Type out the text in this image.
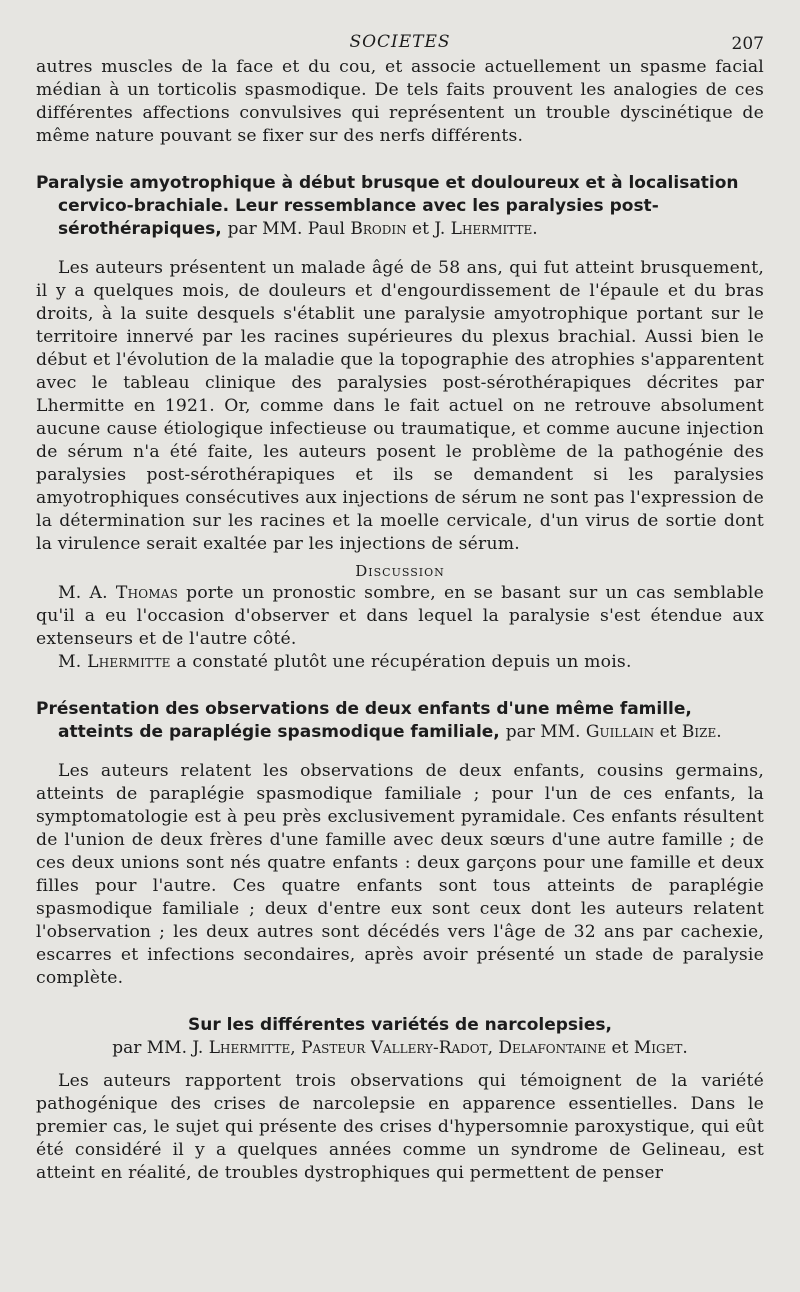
SOCIETES	207

autres muscles de la face et du cou, et associe actuellement un spasme facial médian à un torticolis spasmodique. De tels faits prouvent les analogies de ces différentes affections convulsives qui représentent un trouble dyscinétique de même nature pouvant se fixer sur des nerfs différents.

Paralysie amyotrophique à début brusque et douloureux et à localisation cervico-brachiale. Leur ressemblance avec les paralysies post-sérothérapiques, par MM. Paul Brodin et J. Lhermitte.

Les auteurs présentent un malade âgé de 58 ans, qui fut atteint brusquement, il y a quelques mois, de douleurs et d'engourdissement de l'épaule et du bras droits, à la suite desquels s'établit une paralysie amyotrophique portant sur le territoire innervé par les racines supérieures du plexus brachial. Aussi bien le début et l'évolution de la maladie que la topographie des atrophies s'apparentent avec le tableau clinique des paralysies post-sérothérapiques décrites par Lhermitte en 1921. Or, comme dans le fait actuel on ne retrouve absolument aucune cause étiologique infectieuse ou traumatique, et comme aucune injection de sérum n'a été faite, les auteurs posent le problème de la pathogénie des paralysies post-sérothérapiques et ils se demandent si les paralysies amyotrophiques consécutives aux injections de sérum ne sont pas l'expression de la détermination sur les racines et la moelle cervicale, d'un virus de sortie dont la virulence serait exaltée par les injections de sérum.

Discussion

M. A. Thomas porte un pronostic sombre, en se basant sur un cas semblable qu'il a eu l'occasion d'observer et dans lequel la paralysie s'est étendue aux extenseurs et de l'autre côté.

M. Lhermitte a constaté plutôt une récupération depuis un mois.

Présentation des observations de deux enfants d'une même famille, atteints de paraplégie spasmodique familiale, par MM. Guillain et Bize.

Les auteurs relatent les observations de deux enfants, cousins germains, atteints de paraplégie spasmodique familiale ; pour l'un de ces enfants, la symptomatologie est à peu près exclusivement pyramidale. Ces enfants résultent de l'union de deux frères d'une famille avec deux sœurs d'une autre famille ; de ces deux unions sont nés quatre enfants : deux garçons pour une famille et deux filles pour l'autre. Ces quatre enfants sont tous atteints de paraplégie spasmodique familiale ; deux d'entre eux sont ceux dont les auteurs relatent l'observation ; les deux autres sont décédés vers l'âge de 32 ans par cachexie, escarres et infections secondaires, après avoir présenté un stade de paralysie complète.

Sur les différentes variétés de narcolepsies,
par MM. J. Lhermitte, Pasteur Vallery-Radot, Delafontaine et Miget.

Les auteurs rapportent trois observations qui témoignent de la variété pathogénique des crises de narcolepsie en apparence essentielles. Dans le premier cas, le sujet qui présente des crises d'hypersomnie paroxystique, qui eût été considéré il y a quelques années comme un syndrome de Gelineau, est atteint en réalité, de troubles dystrophiques qui permettent de penser
